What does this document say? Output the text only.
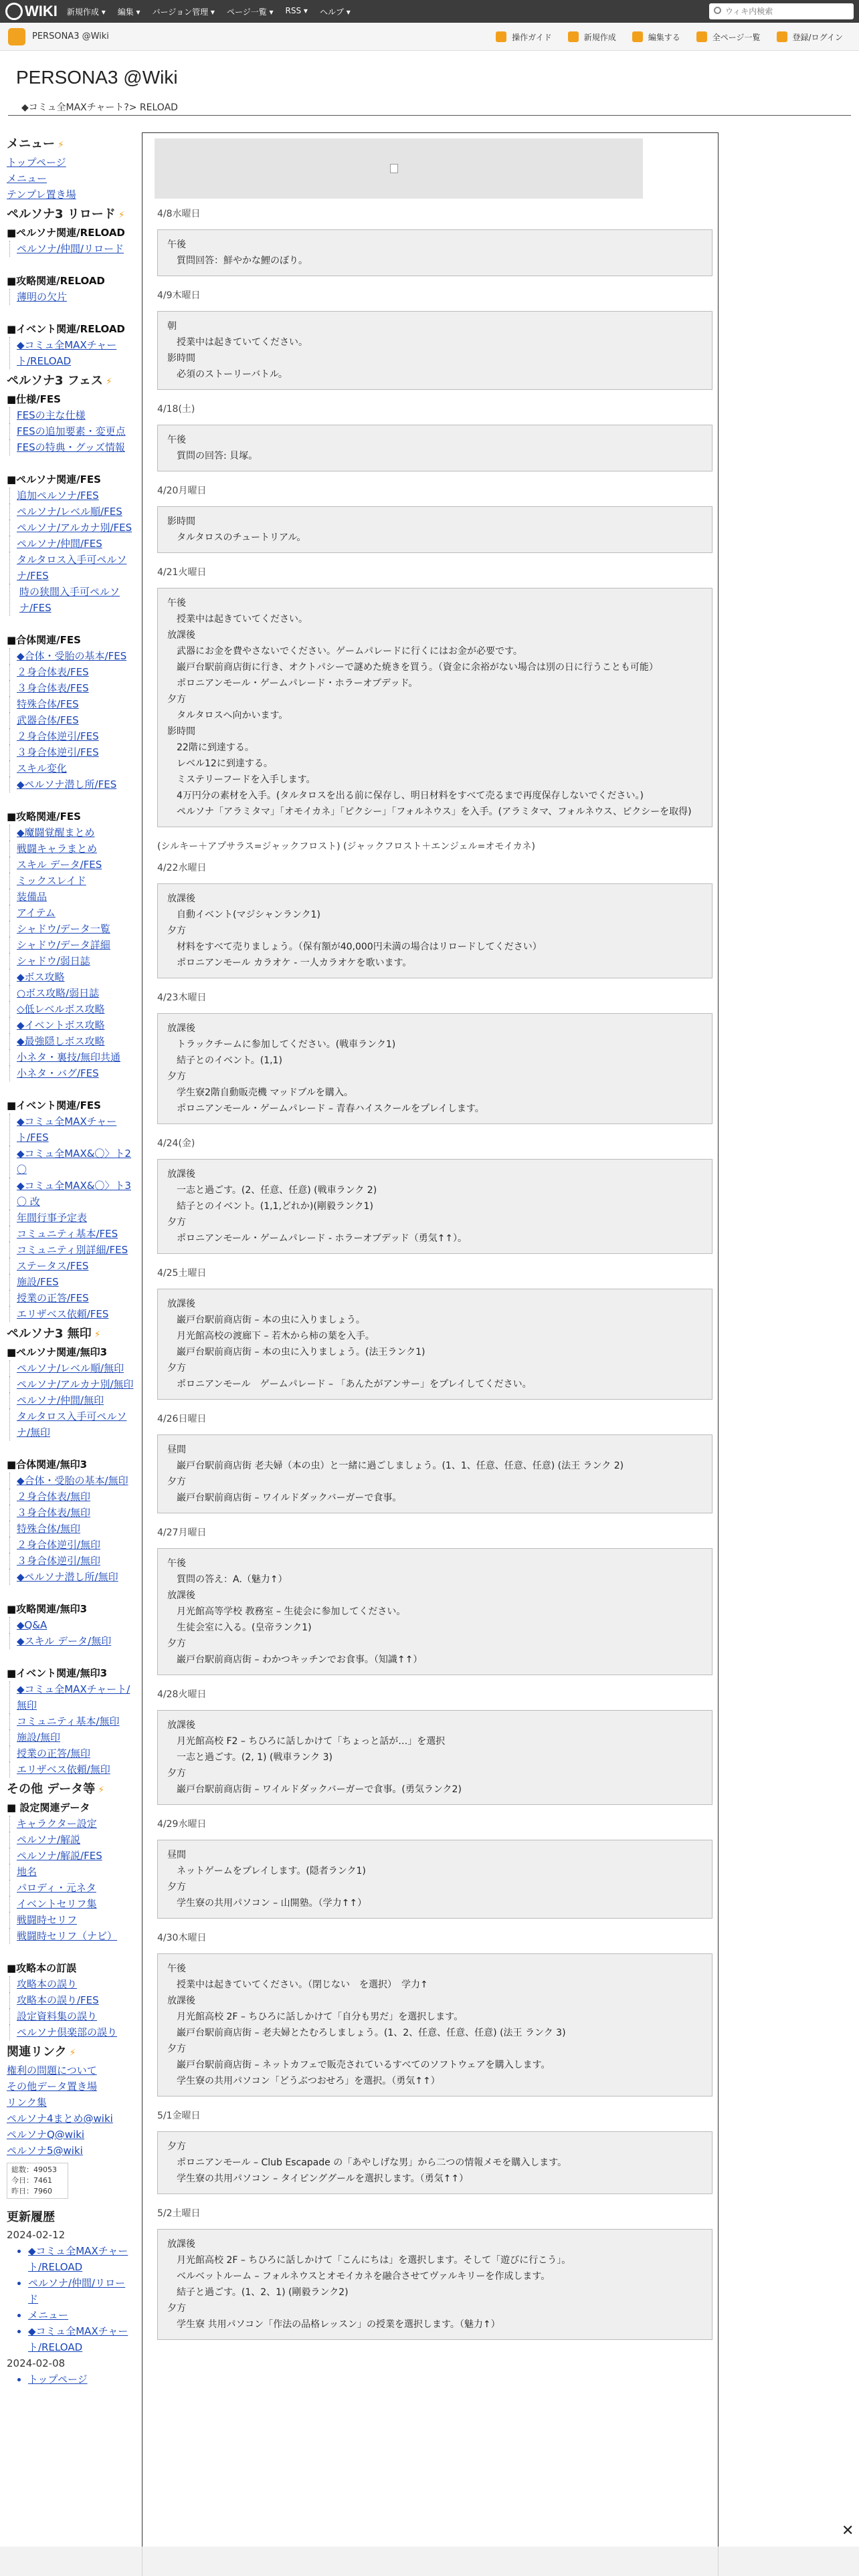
WIKI 新規作成 ▾ 編集 ▾ バージョン管理 ▾ ページ一覧 ▾ RSS ▾ ヘルプ ▾
ウィキ内検索
PERSONA3 @Wiki	操作ガイド	新規作成	編集する	全ページ一覧	登録/ログイン
PERSONA3 @Wiki
◆コミュ全MAXチャート?> RELOAD
メニュー ⚡
トップページ
メニュー
テンプレ置き場
ペルソナ3 リロード ⚡
■ペルソナ関連/RELOAD
ペルソナ/仲間/リロード
■攻略関連/RELOAD
薄明の欠片
■イベント関連/RELOAD
◆コミュ全MAXチャート/RELOAD
ペルソナ3 フェス ⚡
■仕様/FES
FESの主な仕様
FESの追加要素・変更点
FESの特典・グッズ情報
■ペルソナ関連/FES
追加ペルソナ/FES
ペルソナ/レベル順/FES
ペルソナ/アルカナ別/FES
ペルソナ/仲間/FES
タルタロス入手可ペルソナ/FES
時の狭間入手可ペルソナ/FES
■合体関連/FES
◆合体・受胎の基本/FES
２身合体表/FES
３身合体表/FES
特殊合体/FES
武器合体/FES
２身合体逆引/FES
３身合体逆引/FES
スキル変化
◆ペルソナ潜し所/FES
■攻略関連/FES
◆魔闘覚醒まとめ
戦闘キャラまとめ
スキル データ/FES
ミックスレイド
装備品
アイテム
シャドウ/データ一覧
シャドウ/データ詳細
シャドウ/弱日誌
◆ボス攻略
○ボス攻略/弱日誌
◇低レベルボス攻略
◆イベントボス攻略
◆最強隠しボス攻略
小ネタ・裏技/無印共通
小ネタ・バグ/FES
■イベント関連/FES
◆コミュ全MAXチャート/FES
◆コミュ全MAX&〇〉ト2〇
◆コミュ全MAX&〇〉ト3〇 改
年間行事予定表
コミュニティ基本/FES
コミュニティ別詳細/FES
ステータス/FES
施設/FES
授業の正答/FES
エリザベス依頼/FES
ペルソナ3 無印 ⚡
■ペルソナ関連/無印3
ペルソナ/レベル順/無印
ペルソナ/アルカナ別/無印
ペルソナ/仲間/無印
タルタロス入手可ペルソナ/無印
■合体関連/無印3
◆合体・受胎の基本/無印
２身合体表/無印
３身合体表/無印
特殊合体/無印
２身合体逆引/無印
３身合体逆引/無印
◆ペルソナ潜し所/無印
■攻略関連/無印3
◆Q&A
◆スキル データ/無印
■イベント関連/無印3
◆コミュ全MAXチャート/無印
コミュニティ基本/無印
施設/無印
授業の正答/無印
エリザベス依頼/無印
その他 データ等 ⚡
■ 設定関連データ
キャラクター設定
ペルソナ/解説
ペルソナ/解説/FES
地名
パロディ・元ネタ
イベントセリフ集
戦闘時セリフ
戦闘時セリフ（ナビ）
■攻略本の訂誤
攻略本の誤り
攻略本の誤り/FES
設定資料集の誤り
ペルソナ倶楽部の誤り
関連リンク ⚡
権利の問題について
その他データ置き場
リンク集
ペルソナ4まとめ@wiki
ペルソナQ@wiki
ペルソナ5@wiki
総数：49053
今日：7461
昨日：7960
更新履歴
2024-02-12
• ◆コミュ全MAXチャート/RELOAD
• ペルソナ/仲間/リロード
• メニュー
• ◆コミュ全MAXチャート/RELOAD
2024-02-08
• トップページ
4/8水曜日
午後
質問回答：鮮やかな鯉のぼり。
4/9木曜日
朝
授業中は起きていてください。
影時間
必須のストーリーバトル。
4/18(土)
午後
質問の回答: 貝塚。
4/20月曜日
影時間
タルタロスのチュートリアル。
4/21火曜日
午後
授業中は起きていてください。
放課後
武器にお金を費やさないでください。ゲームパレードに行くにはお金が必要です。
巌戸台駅前商店街に行き、オクトパシーで謎めた焼きを買う。（資金に余裕がない場合は別の日に行うことも可能）
ポロニアンモール・ゲームパレード・ホラーオブデッド。
夕方
タルタロスへ向かいます。
影時間
22階に到達する。
レベル12に到達する。
ミステリーフードを入手します。
4万円分の素材を入手。(タルタロスを出る前に保存し、明日材料をすべて売るまで再度保存しないでください。)
ペルソナ「アラミタマ」「オモイカネ」「ピクシー」「フォルネウス」を入手。(アラミタマ、フォルネウス、ピクシーを取得)
(シルキー＋アプサラス=ジャックフロスト) (ジャックフロスト＋エンジェル=オモイカネ)
4/22水曜日
放課後
自動イベント(マジシャンランク1)
夕方
材料をすべて売りましょう。（保有額が40,000円未満の場合はリロードしてください）
ポロニアンモール カラオケ - 一人カラオケを歌います。
4/23木曜日
放課後
トラックチームに参加してください。(戦車ランク1)
結子とのイベント。(1,1)
夕方
学生寮2階自動販売機 マッドブルを購入。
ポロニアンモール・ゲームパレード – 青春ハイスクールをプレイします。
4/24(金)
放課後
一志と過ごす。(2、任意、任意) (戦車ランク 2)
結子とのイベント。(1,1,どれか)(剛毅ランク1)
夕方
ポロニアンモール・ゲームパレード - ホラーオブデッド（勇気↑↑）。
4/25土曜日
放課後
巌戸台駅前商店街 – 本の虫に入りましょう。
月光館高校の渡廊下 – 若木から柿の葉を入手。
巌戸台駅前商店街 – 本の虫に入りましょう。(法王ランク1)
夕方
ポロニアンモール　ゲームパレード – 「あんたがアンサー」をプレイしてください。
4/26日曜日
昼間
巌戸台駅前商店街 老夫婦（本の虫）と一緒に過ごしましょう。(1、1、任意、任意、任意) (法王 ランク 2)
夕方
巌戸台駅前商店街 – ワイルドダックバーガーで食事。
4/27月曜日
午後
質問の答え：A.（魅力↑）
放課後
月光館高等学校 教務室 – 生徒会に参加してください。
生徒会室に入る。(皇帝ランク1)
夕方
巌戸台駅前商店街 – わかつキッチンでお食事。（知識↑↑）
4/28火曜日
放課後
月光館高校 F2 – ちひろに話しかけて「ちょっと話が…」を選択
一志と過ごす。(2, 1) (戦車ランク 3)
夕方
巌戸台駅前商店街 – ワイルドダックバーガーで食事。(勇気ランク2)
4/29水曜日
昼間
ネットゲームをプレイします。(隠者ランク1)
夕方
学生寮の共用パソコン – 山開塾。（学力↑↑）
4/30木曜日
午後
授業中は起きていてください。（閉じない　を選択）　学力↑
放課後
月光館高校 2F – ちひろに話しかけて「自分も男だ」を選択します。
巌戸台駅前商店街 – 老夫婦とたむろしましょう。(1、2、任意、任意、任意) (法王 ランク 3)
夕方
巌戸台駅前商店街 – ネットカフェで販売されているすべてのソフトウェアを購入します。
学生寮の共用パソコン「どうぶつおせろ」を選択。（勇気↑↑）
5/1金曜日
夕方
ポロニアンモール – Club Escapade の「あやしげな男」から二つの情報メモを購入します。
学生寮の共用パソコン – タイピンググールを選択します。（勇気↑↑）
5/2土曜日
放課後
月光館高校 2F – ちひろに話しかけて「こんにちは」を選択します。そして「遊びに行こう」。
ベルベットルーム – フォルネウスとオモイカネを融合させてヴァルキリーを作成します。
結子と過ごす。(1、2、1) (剛毅ランク2)
夕方
学生寮 共用パソコン「作法の品格レッスン」の授業を選択します。（魅力↑）
✕
